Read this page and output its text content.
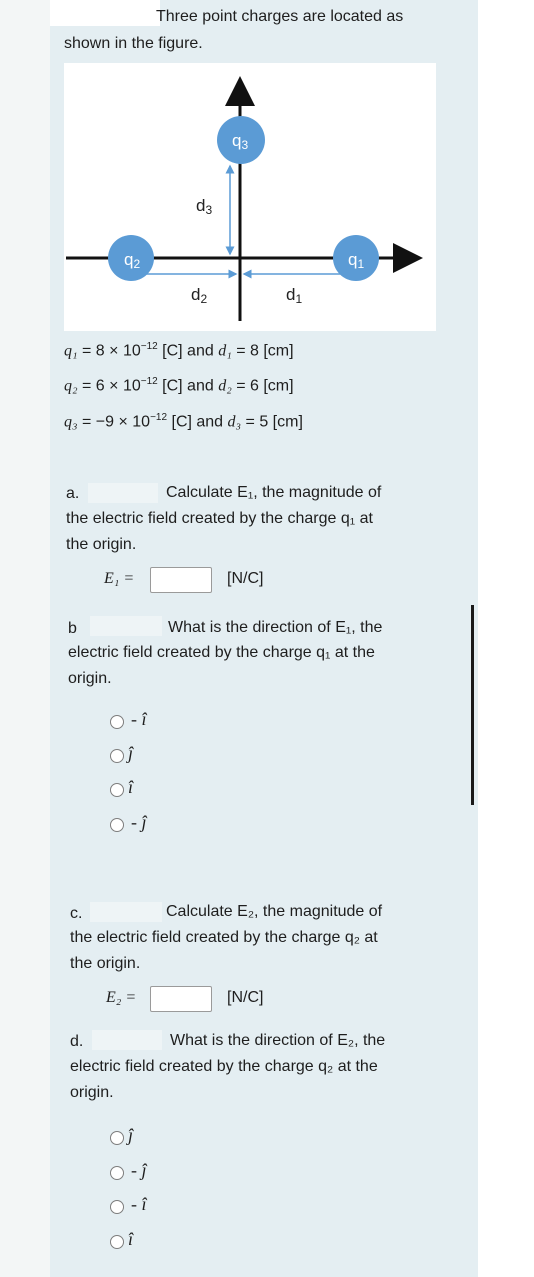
Three point charges are located as
shown in the figure.
q2	q1
q3
d3
d2	d1
$q_1 = 8 \times 10^{-12}$ [C] and d₁ = 8 [cm]
$q_2 = 6 \times 10^{-12}$ [C] and d₂ = 6 [cm]
$q_3 = -9 \times 10^{-12}$ [C] and d₃ = 5 [cm]
a.	Calculate E₁, the magnitude of
the electric field created by the charge q₁ at
the origin.
E₁ =	[N/C]
b	What is the direction of E₁, the
electric field created by the charge q₁ at the
origin.
- î
ĵ
î
- ĵ
c.	Calculate E₂, the magnitude of
the electric field created by the charge q₂ at
the origin.
E₂ =	[N/C]
d.	What is the direction of E₂, the
electric field created by the charge q₂ at the
origin.
ĵ
- ĵ
- î
î
